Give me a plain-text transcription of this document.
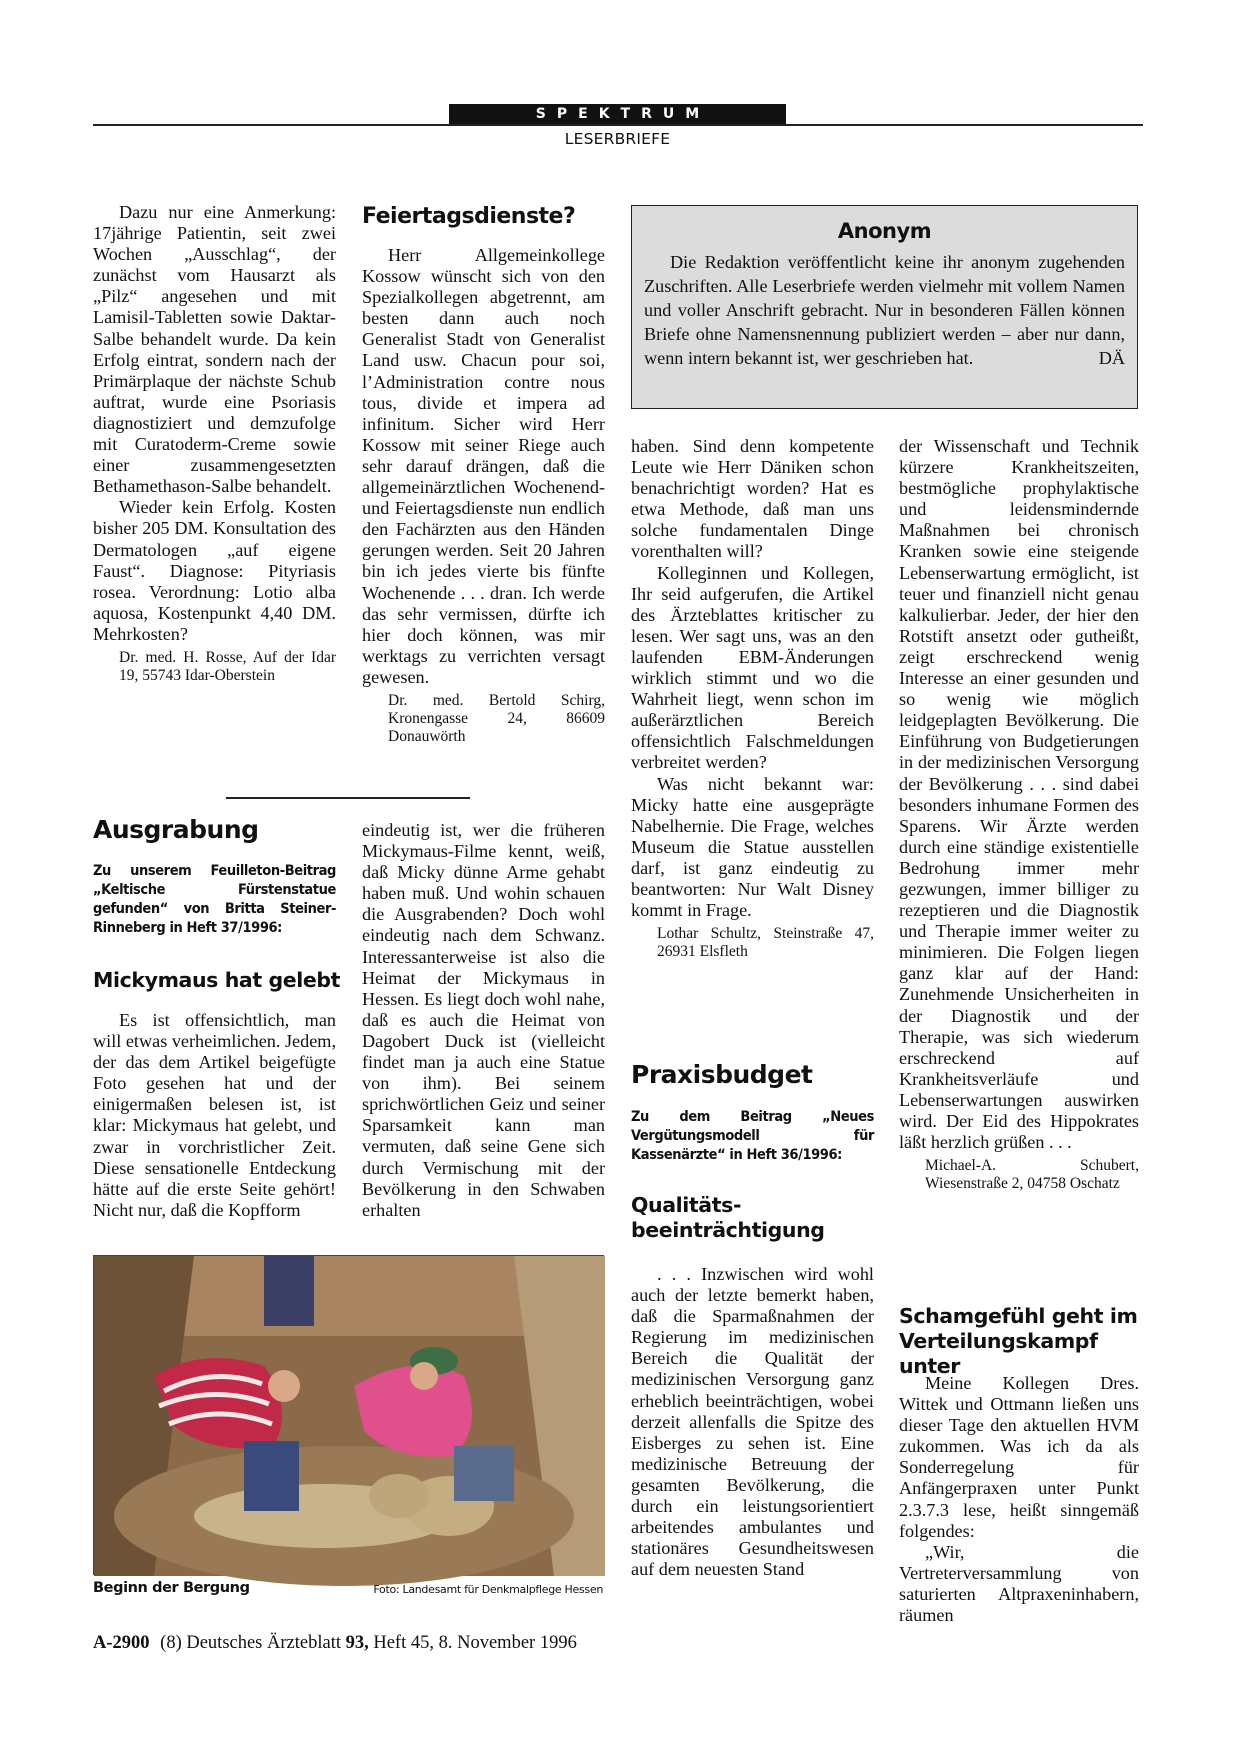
SPEKTRUM
LESERBRIEFE

Dazu nur eine Anmerkung: 17jährige Patientin, seit zwei Wochen „Ausschlag“, der zunächst vom Hausarzt als „Pilz“ angesehen und mit Lamisil-Tabletten sowie Daktar-Salbe behandelt wurde. Da kein Erfolg eintrat, sondern nach der Primärplaque der nächste Schub auftrat, wurde eine Psoriasis diagnostiziert und demzufolge mit Curatoderm-Creme sowie einer zusammengesetzten Bethamethason-Salbe behandelt.

Wieder kein Erfolg. Kosten bisher 205 DM. Konsultation des Dermatologen „auf eigene Faust“. Diagnose: Pityriasis rosea. Verordnung: Lotio alba aquosa, Kostenpunkt 4,40 DM. Mehrkosten?

Dr. med. H. Rosse, Auf der Idar 19, 55743 Idar-Oberstein

Feiertagsdienste?

Herr Allgemeinkollege Kossow wünscht sich von den Spezialkollegen abgetrennt, am besten dann auch noch Generalist Stadt von Generalist Land usw. Chacun pour soi, l’Administration contre nous tous, divide et impera ad infinitum. Sicher wird Herr Kossow mit seiner Riege auch sehr darauf drängen, daß die allgemeinärztlichen Wochenend- und Feiertagsdienste nun endlich den Fachärzten aus den Händen gerungen werden. Seit 20 Jahren bin ich jedes vierte bis fünfte Wochenende . . . dran. Ich werde das sehr vermissen, dürfte ich hier doch können, was mir werktags zu verrichten versagt gewesen.

Dr. med. Bertold Schirg, Kronengasse 24, 86609 Donauwörth

Anonym
Die Redaktion veröffentlicht keine ihr anonym zugehenden Zuschriften. Alle Leserbriefe werden vielmehr mit vollem Namen und voller Anschrift gebracht. Nur in besonderen Fällen können Briefe ohne Namensnennung publiziert werden – aber nur dann, wenn intern bekannt ist, wer geschrieben hat.	DÄ

haben. Sind denn kompetente Leute wie Herr Däniken schon benachrichtigt worden? Hat es etwa Methode, daß man uns solche fundamentalen Dinge vorenthalten will?

Kolleginnen und Kollegen, Ihr seid aufgerufen, die Artikel des Ärzteblattes kritischer zu lesen. Wer sagt uns, was an den laufenden EBM-Änderungen wirklich stimmt und wo die Wahrheit liegt, wenn schon im außerärztlichen Bereich offensichtlich Falschmeldungen verbreitet werden?

Was nicht bekannt war: Micky hatte eine ausgeprägte Nabelhernie. Die Frage, welches Museum die Statue ausstellen darf, ist ganz eindeutig zu beantworten: Nur Walt Disney kommt in Frage.

Lothar Schultz, Steinstraße 47, 26931 Elsfleth

Ausgrabung
Zu unserem Feuilleton-Beitrag „Keltische Fürstenstatue gefunden“ von Britta Steiner-Rinneberg in Heft 37/1996:
Mickymaus hat gelebt

Es ist offensichtlich, man will etwas verheimlichen. Jedem, der das dem Artikel beigefügte Foto gesehen hat und der einigermaßen belesen ist, ist klar: Mickymaus hat gelebt, und zwar in vorchristlicher Zeit. Diese sensationelle Entdeckung hätte auf die erste Seite gehört! Nicht nur, daß die Kopfform

eindeutig ist, wer die früheren Mickymaus-Filme kennt, weiß, daß Micky dünne Arme gehabt haben muß. Und wohin schauen die Ausgrabenden? Doch wohl eindeutig nach dem Schwanz. Interessanterweise ist also die Heimat der Mickymaus in Hessen. Es liegt doch wohl nahe, daß es auch die Heimat von Dagobert Duck ist (vielleicht findet man ja auch eine Statue von ihm). Bei seinem sprichwörtlichen Geiz und seiner Sparsamkeit kann man vermuten, daß seine Gene sich durch Vermischung mit der Bevölkerung in den Schwaben erhalten

Beginn der Bergung	Foto: Landesamt für Denkmalpflege Hessen
Praxisbudget
Zu dem Beitrag „Neues Vergütungsmodell für Kassenärzte“ in Heft 36/1996:
Qualitäts-
beeinträchtigung

. . . Inzwischen wird wohl auch der letzte bemerkt haben, daß die Sparmaßnahmen der Regierung im medizinischen Bereich die Qualität der medizinischen Versorgung ganz erheblich beeinträchtigen, wobei derzeit allenfalls die Spitze des Eisberges zu sehen ist. Eine medizinische Betreuung der gesamten Bevölkerung, die durch ein leistungsorientiert arbeitendes ambulantes und stationäres Gesundheitswesen auf dem neuesten Stand

der Wissenschaft und Technik kürzere Krankheitszeiten, bestmögliche prophylaktische und leidensmindernde Maßnahmen bei chronisch Kranken sowie eine steigende Lebenserwartung ermöglicht, ist teuer und finanziell nicht genau kalkulierbar. Jeder, der hier den Rotstift ansetzt oder gutheißt, zeigt erschreckend wenig Interesse an einer gesunden und so wenig wie möglich leidgeplagten Bevölkerung. Die Einführung von Budgetierungen in der medizinischen Versorgung der Bevölkerung . . . sind dabei besonders inhumane Formen des Sparens. Wir Ärzte werden durch eine ständige existentielle Bedrohung immer mehr gezwungen, immer billiger zu rezeptieren und die Diagnostik und Therapie immer weiter zu minimieren. Die Folgen liegen ganz klar auf der Hand: Zunehmende Unsicherheiten in der Diagnostik und der Therapie, was sich wiederum erschreckend auf Krankheitsverläufe und Lebenserwartungen auswirken wird. Der Eid des Hippokrates läßt herzlich grüßen . . .

Michael-A. Schubert, Wiesenstraße 2, 04758 Oschatz

Schamgefühl geht im
Verteilungskampf unter

Meine Kollegen Dres. Wittek und Ottmann ließen uns dieser Tage den aktuellen HVM zukommen. Was ich da als Sonderregelung für Anfängerpraxen unter Punkt 2.3.7.3 lese, heißt sinngemäß folgendes:

„Wir, die Vertreterversammlung von saturierten Altpraxeninhabern, räumen

A-2900 (8) Deutsches Ärzteblatt 93, Heft 45, 8. November 1996
